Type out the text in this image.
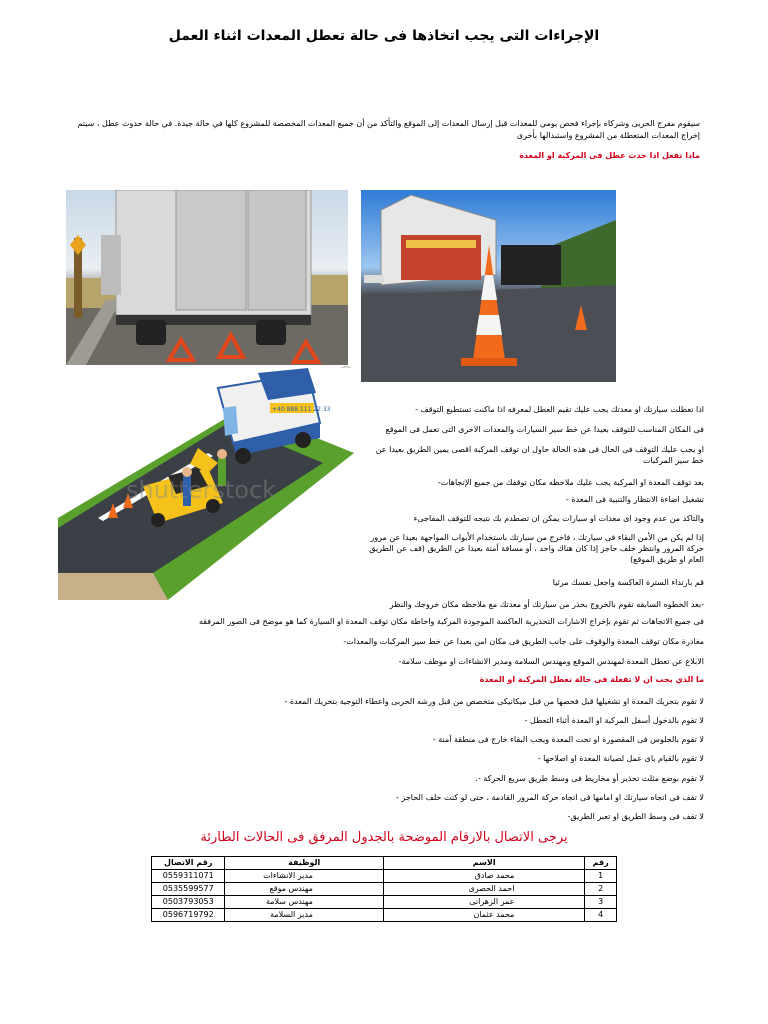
الإجراءات التى يجب اتخاذها فى حالة تعطل المعدات اثناء العمل
سيقوم مفرج الحربى وشركاه بإجراء فحص يومي للمعدات قبل إرسال المعدات إلى الموقع والتأكد من أن جميع المعدات المخصصة للمشروع كلها في حالة جيدة. في حالة حدوث عطل ، سيتم إخراج المعدات المتعطلة من المشروع واستبدالها بأخرى
ماذا تفعل اذا حدث عطل فى المركبة او المعدة
+40 888 111 22 33
shutterstock
اذا تعطلت سيارتك او معدتك يجب عليك تقيم العطل لمعرفه اذا ماكنت تستطيع التوقف -
فى المكان المناسب للتوقف بعيدا عن خط سير السيارات والمعدات الاخرى التى تعمل فى الموقع
او يجب عليك التوقف فى الحال فى هذه الحالة حاول ان توقف المركبة اقصى يمين الطريق بعيدا عن خط سير المركبات
بعد توقف المعدة او المركبة يجب عليك ملاحظه مكان توقفك من جميع الإتجاهات-
تشغيل اضاءة الانتظار والتنبية فى المعدة -
والتاكد من عدم وجود اى معدات او سيارات يمكن ان تصطدم بك نتيجه للتوقف المفاجىء
إذا لم يكن من الأمن البقاء فى سيارتك ، فاخرج من سيارتك باستخدام الأبواب المواجهة بعيدا عن مرور حركة المرور وانتظر خلف حاجز إذا كان هناك واحد ، أو مسافة آمنة بعيدا عن الطريق (قف عن الطريق العام او طريق الموقع)
قم بارتداء السترة العاكسة واجعل نفسك مرئيا
-بعد الخطوه السابقه تقوم بالخروج بحذر من سيارتك أو معدتك مع ملاحظه مكان خروجك والنظر
فى جميع الاتجاهات ثم تقوم بإخراج الاشارات التحذيرية العاكسة الموجودة المركبة واحاطة مكان توقف المعدة او السيارة كما هو موضح فى الصور المرفقه
مغادرة مكان توقف المعدة والوقوف على جانب الطريق فى مكان امن بعيدا عن خط سير المركبات والمعدات-
الابلاغ عن تعطل المعدة لمهندس الموقع ومهندس السلامة ومدير الانشاءات او موظف سلامة-
ما الذي يجب ان لا تفعلة فى حالة تعطل المركبة او المعدة
لا تقوم بتحريك المعدة او تشغيلها قبل فحصها من قبل ميكانيكى متخصص من قبل ورشه الحربى واعطاء التوجية بتحريك المعدة -
لا تقوم بالدخول أسفل المركبة او المعدة أثناء التعطل -
لا تقوم بالجلوس فى المقصورة او تحت المعدة ويجب البقاء خارج فى منطقة آمنة -
لا تقوم بالقيام باى عمل لصيانة المعدة او اصلاحها -
لا تقوم بوضع مثلث تحذير أو مخاريط فى وسط طريق سريع الحركة -.
لا تقف فى اتجاه سيارتك او امامها فى اتجاه حركة المرور القادمة ، حتى لو كنت خلف الحاجز -
لا تقف فى وسط الطريق او تعبر الطريق-
يرجى الاتصال بالارقام الموضحة بالجدول المرفق فى الحالات الطارئة
رقم	الاسم	الوظيفة	رقم الاتصال
1	محمد صادق	مدير الانشاءات	0559311071
2	احمد الحصرى	مهندس موقع	0535599577
3	عمر الزهرانى	مهندس سلامة	0503793053
4	محمد عثمان	مدير السلامة	0596719792
